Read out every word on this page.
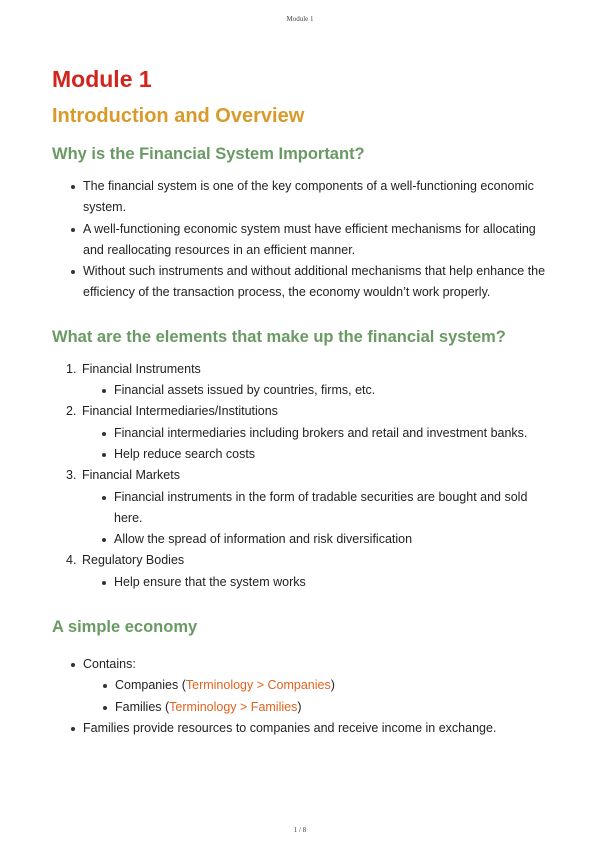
Module 1
Module 1
Introduction and Overview
Why is the Financial System Important?
The financial system is one of the key components of a well-functioning economic system.
A well-functioning economic system must have efficient mechanisms for allocating and reallocating resources in an efficient manner.
Without such instruments and without additional mechanisms that help enhance the efficiency of the transaction process, the economy wouldn’t work properly.
What are the elements that make up the financial system?
1. Financial Instruments
Financial assets issued by countries, firms, etc.
2. Financial Intermediaries/Institutions
Financial intermediaries including brokers and retail and investment banks.
Help reduce search costs
3. Financial Markets
Financial instruments in the form of tradable securities are bought and sold here.
Allow the spread of information and risk diversification
4. Regulatory Bodies
Help ensure that the system works
A simple economy
Contains:
Companies (Terminology > Companies)
Families (Terminology > Families)
Families provide resources to companies and receive income in exchange.
1 / 8
